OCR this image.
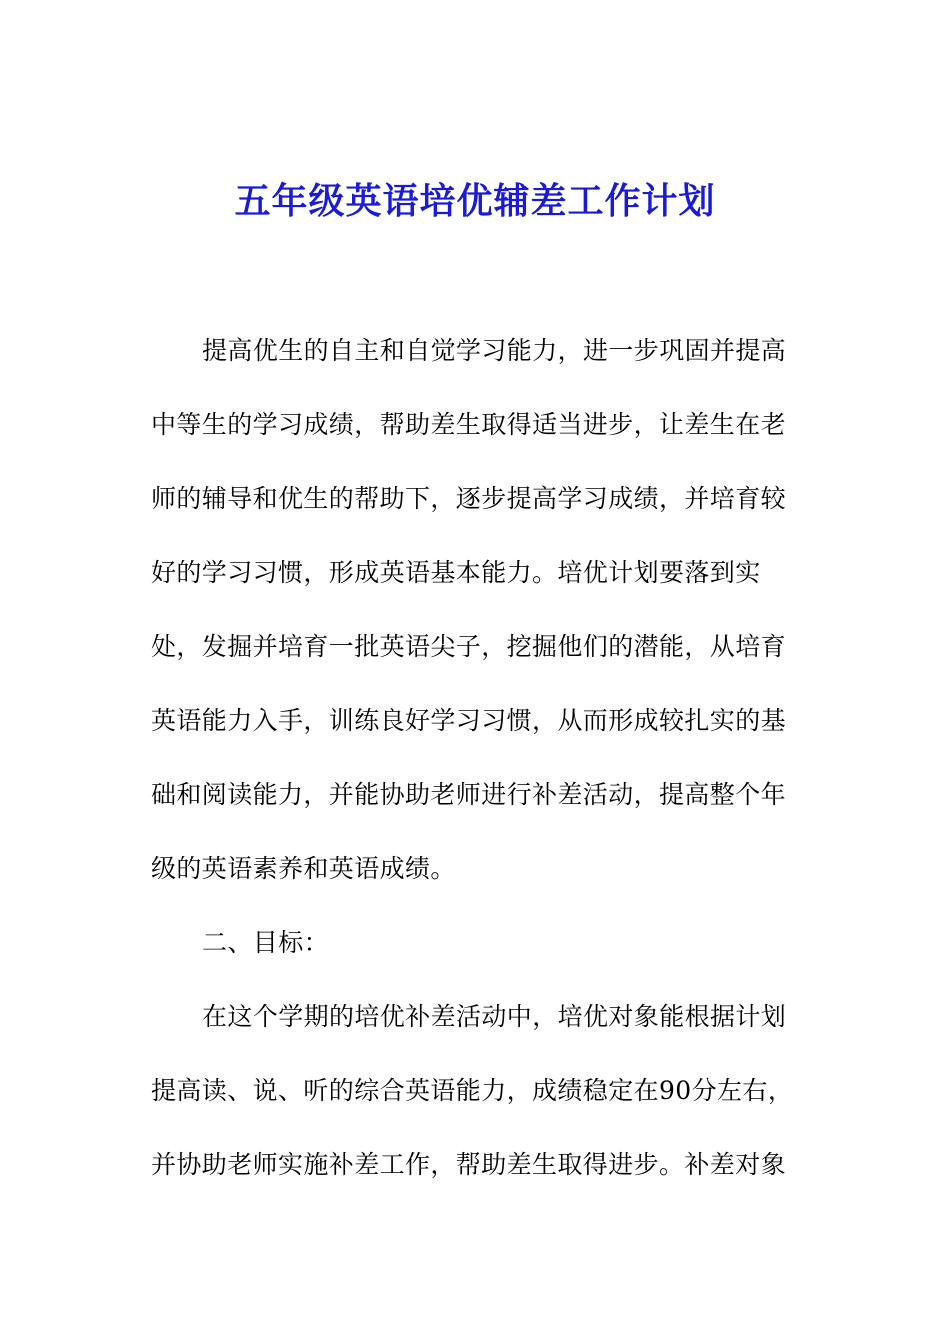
五年级英语培优辅差工作计划
提高优生的自主和自觉学习能力，进一步巩固并提高
中等生的学习成绩，帮助差生取得适当进步，让差生在老
师的辅导和优生的帮助下，逐步提高学习成绩，并培育较
好的学习习惯，形成英语基本能力。培优计划要落到实
处，发掘并培育一批英语尖子，挖掘他们的潜能，从培育
英语能力入手，训练良好学习习惯，从而形成较扎实的基
础和阅读能力，并能协助老师进行补差活动，提高整个年
级的英语素养和英语成绩。
二、目标：
在这个学期的培优补差活动中，培优对象能根据计划
提高读、说、听的综合英语能力，成绩稳定在90分左右，
并协助老师实施补差工作，帮助差生取得进步。补差对象
